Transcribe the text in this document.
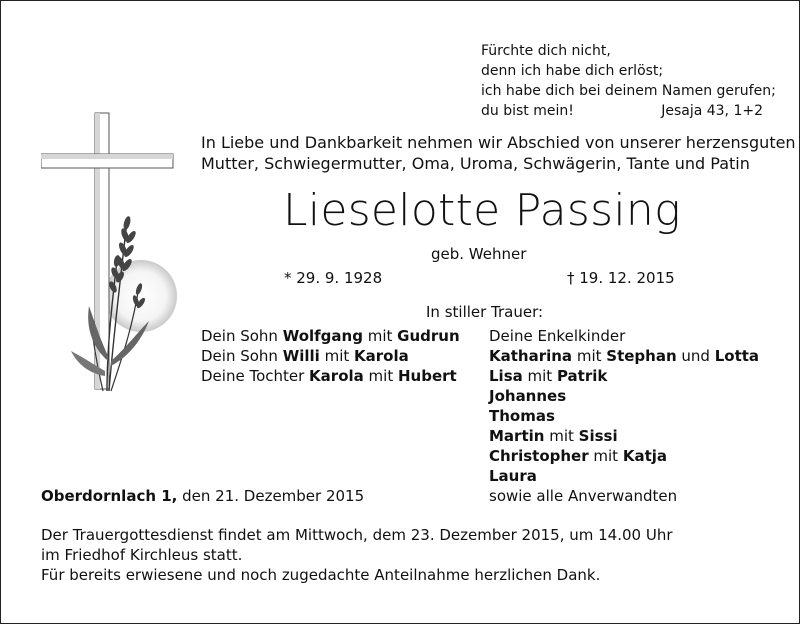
Fürchte dich nicht,
denn ich habe dich erlöst;
ich habe dich bei deinem Namen gerufen;
du bist mein!	Jesaja 43, 1+2
In Liebe und Dankbarkeit nehmen wir Abschied von unserer herzensguten
Mutter, Schwiegermutter, Oma, Uroma, Schwägerin, Tante und Patin
Lieselotte Passing
geb. Wehner
* 29. 9. 1928	† 19. 12. 2015
In stiller Trauer:
Dein Sohn Wolfgang mit Gudrun
Dein Sohn Willi mit Karola
Deine Tochter Karola mit Hubert
Deine Enkelkinder
Katharina mit Stephan und Lotta
Lisa mit Patrik
Johannes
Thomas
Martin mit Sissi
Christopher mit Katja
Laura
Oberdornlach 1, den 21. Dezember 2015	sowie alle Anverwandten
Der Trauergottesdienst findet am Mittwoch, dem 23. Dezember 2015, um 14.00 Uhr
im Friedhof Kirchleus statt.
Für bereits erwiesene und noch zugedachte Anteilnahme herzlichen Dank.
